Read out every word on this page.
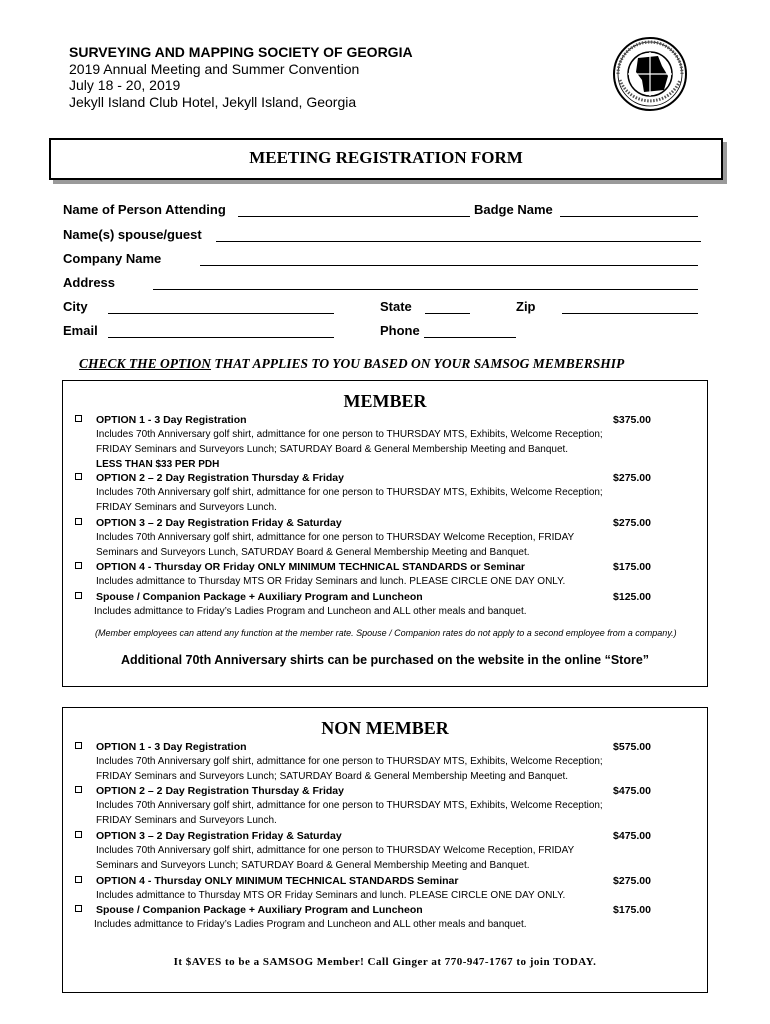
SURVEYING AND MAPPING SOCIETY OF GEORGIA
2019 Annual Meeting and Summer Convention
July 18 - 20, 2019
Jekyll Island Club Hotel, Jekyll Island, Georgia
MEETING REGISTRATION FORM
Name of Person Attending	Badge Name
Name(s) spouse/guest
Company Name
Address
City	State	Zip
Email	Phone
CHECK THE OPTION THAT APPLIES TO YOU BASED ON YOUR SAMSOG MEMBERSHIP
MEMBER
OPTION 1 - 3 Day Registration	$375.00
Includes 70th Anniversary golf shirt, admittance for one person to THURSDAY MTS, Exhibits, Welcome Reception;
FRIDAY Seminars and Surveyors Lunch; SATURDAY Board & General Membership Meeting and Banquet.
LESS THAN $33 PER PDH
OPTION 2 – 2 Day Registration Thursday & Friday	$275.00
Includes 70th Anniversary golf shirt, admittance for one person to THURSDAY MTS, Exhibits, Welcome Reception;
FRIDAY Seminars and Surveyors Lunch.
OPTION 3 – 2 Day Registration Friday & Saturday	$275.00
Includes 70th Anniversary golf shirt, admittance for one person to THURSDAY Welcome Reception, FRIDAY
Seminars and Surveyors Lunch, SATURDAY Board & General Membership Meeting and Banquet.
OPTION 4 - Thursday OR Friday ONLY MINIMUM TECHNICAL STANDARDS or Seminar	$175.00
Includes admittance to Thursday MTS OR Friday Seminars and lunch. PLEASE CIRCLE ONE DAY ONLY.
Spouse / Companion Package + Auxiliary Program and Luncheon	$125.00
Includes admittance to Friday’s Ladies Program and Luncheon and ALL other meals and banquet.
(Member employees can attend any function at the member rate. Spouse / Companion rates do not apply to a second employee from a company.)
Additional 70th Anniversary shirts can be purchased on the website in the online “Store”
NON MEMBER
OPTION 1 - 3 Day Registration	$575.00
Includes 70th Anniversary golf shirt, admittance for one person to THURSDAY MTS, Exhibits, Welcome Reception;
FRIDAY Seminars and Surveyors Lunch; SATURDAY Board & General Membership Meeting and Banquet.
OPTION 2 – 2 Day Registration Thursday & Friday	$475.00
Includes 70th Anniversary golf shirt, admittance for one person to THURSDAY MTS, Exhibits, Welcome Reception;
FRIDAY Seminars and Surveyors Lunch.
OPTION 3 – 2 Day Registration Friday & Saturday	$475.00
Includes 70th Anniversary golf shirt, admittance for one person to THURSDAY Welcome Reception, FRIDAY
Seminars and Surveyors Lunch; SATURDAY Board & General Membership Meeting and Banquet.
OPTION 4 - Thursday ONLY MINIMUM TECHNICAL STANDARDS Seminar	$275.00
Includes admittance to Thursday MTS OR Friday Seminars and lunch. PLEASE CIRCLE ONE DAY ONLY.
Spouse / Companion Package + Auxiliary Program and Luncheon	$175.00
Includes admittance to Friday’s Ladies Program and Luncheon and ALL other meals and banquet.
It $AVES to be a SAMSOG Member! Call Ginger at 770-947-1767 to join TODAY.
